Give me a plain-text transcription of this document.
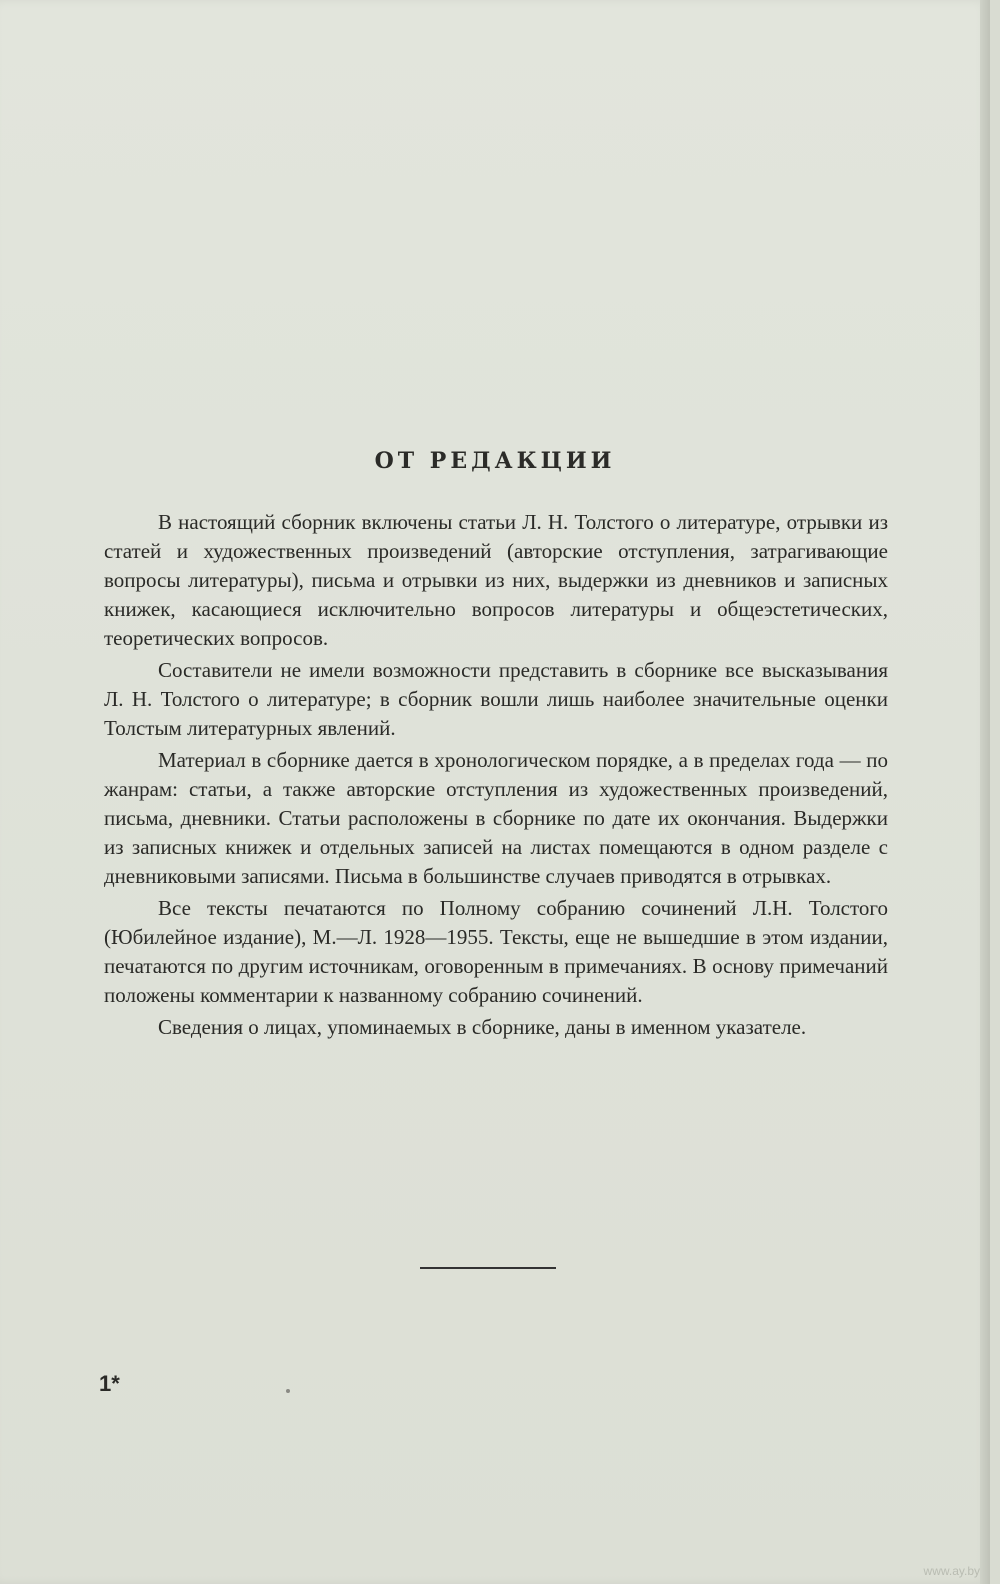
ОТ РЕДАКЦИИ

В настоящий сборник включены статьи Л. Н. Толстого о литературе, отрывки из статей и художественных произведений (авторские отступления, затрагивающие вопросы литературы), письма и отрывки из них, выдержки из дневников и записных книжек, касающиеся исключительно вопросов литературы и общеэстетических, теоретических вопросов.

Составители не имели возможности представить в сборнике все высказывания Л. Н. Толстого о литературе; в сборник вошли лишь наиболее значительные оценки Толстым литературных явлений.

Материал в сборнике дается в хронологическом порядке, а в пределах года — по жанрам: статьи, а также авторские отступления из художественных произведений, письма, дневники. Статьи расположены в сборнике по дате их окончания. Выдержки из записных книжек и отдельных записей на листах помещаются в одном разделе с дневниковыми записями. Письма в большинстве случаев приводятся в отрывках.

Все тексты печатаются по Полному собранию сочинений Л.Н. Толстого (Юбилейное издание), М.—Л. 1928—1955. Тексты, еще не вышедшие в этом издании, печатаются по другим источникам, оговоренным в примечаниях. В основу примечаний положены комментарии к названному собранию сочинений.

Сведения о лицах, упоминаемых в сборнике, даны в именном указателе.

1*
www.ay.by
